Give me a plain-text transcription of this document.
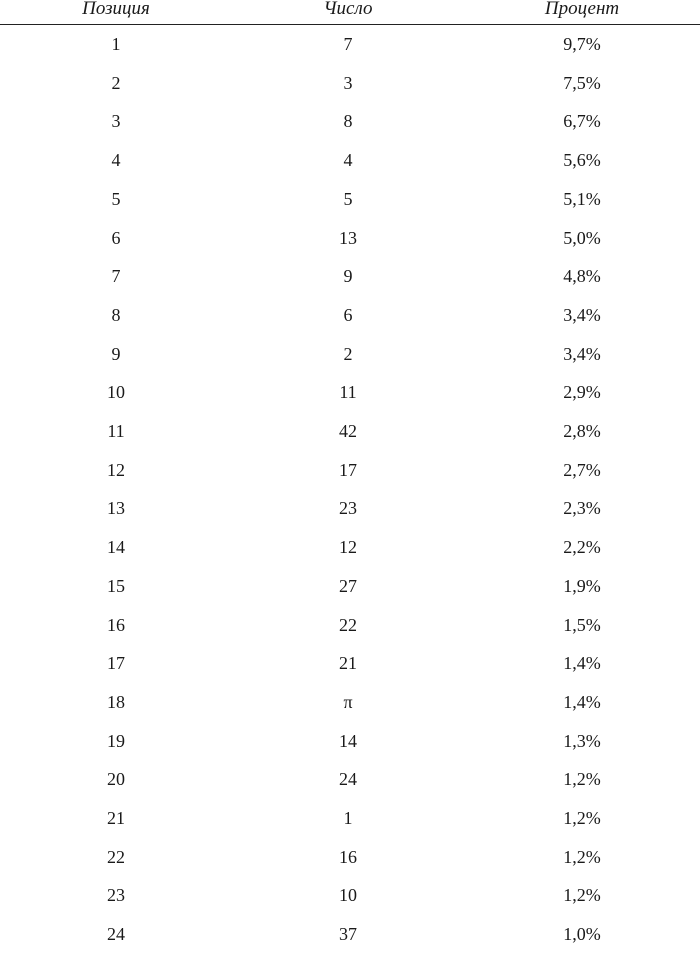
Позиция	Число	Процент
1	7	9,7%
2	3	7,5%
3	8	6,7%
4	4	5,6%
5	5	5,1%
6	13	5,0%
7	9	4,8%
8	6	3,4%
9	2	3,4%
10	11	2,9%
11	42	2,8%
12	17	2,7%
13	23	2,3%
14	12	2,2%
15	27	1,9%
16	22	1,5%
17	21	1,4%
18	π	1,4%
19	14	1,3%
20	24	1,2%
21	1	1,2%
22	16	1,2%
23	10	1,2%
24	37	1,0%
